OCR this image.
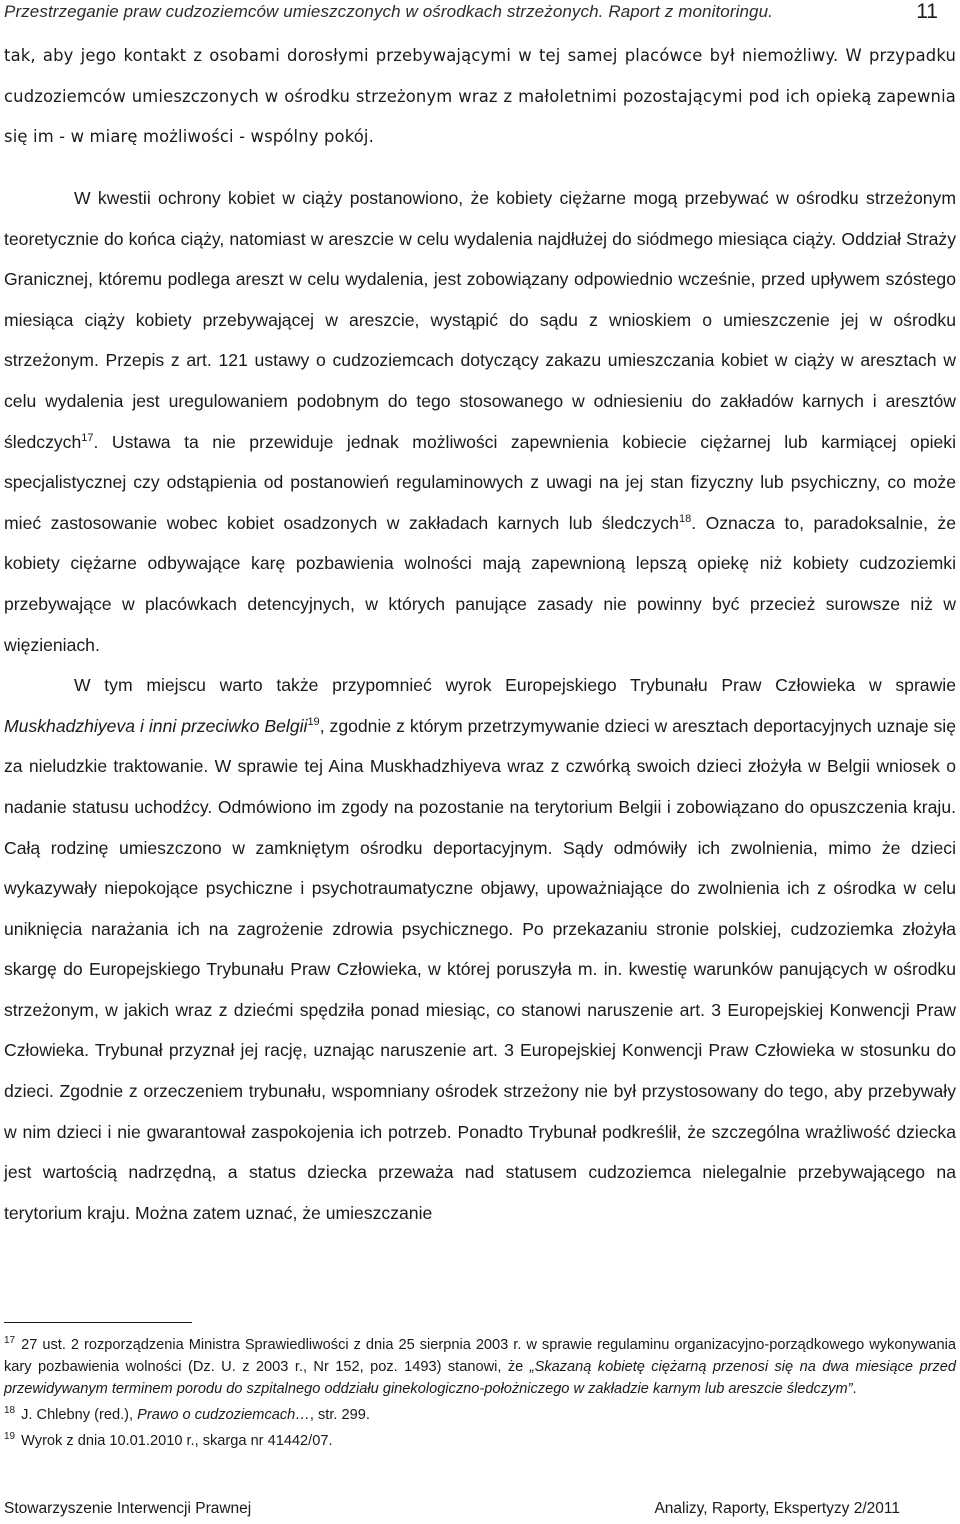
Przestrzeganie praw cudzoziemców umieszczonych w ośrodkach strzeżonych. Raport z monitoringu.	11

tak, aby jego kontakt z osobami dorosłymi przebywającymi w tej samej placówce był niemożliwy. W przypadku cudzoziemców umieszczonych w ośrodku strzeżonym wraz z małoletnimi pozostającymi pod ich opieką zapewnia się im - w miarę możliwości - wspólny pokój.

W kwestii ochrony kobiet w ciąży postanowiono, że kobiety ciężarne mogą przebywać w ośrodku strzeżonym teoretycznie do końca ciąży, natomiast w areszcie w celu wydalenia najdłużej do siódmego miesiąca ciąży. Oddział Straży Granicznej, któremu podlega areszt w celu wydalenia, jest zobowiązany odpowiednio wcześnie, przed upływem szóstego miesiąca ciąży kobiety przebywającej w areszcie, wystąpić do sądu z wnioskiem o umieszczenie jej w ośrodku strzeżonym. Przepis z art. 121 ustawy o cudzoziemcach dotyczący zakazu umieszczania kobiet w ciąży w aresztach w celu wydalenia jest uregulowaniem podobnym do tego stosowanego w odniesieniu do zakładów karnych i aresztów śledczych$^{17}$. Ustawa ta nie przewiduje jednak możliwości zapewnienia kobiecie ciężarnej lub karmiącej opieki specjalistycznej czy odstąpienia od postanowień regulaminowych z uwagi na jej stan fizyczny lub psychiczny, co może mieć zastosowanie wobec kobiet osadzonych w zakładach karnych lub śledczych$^{18}$. Oznacza to, paradoksalnie, że kobiety ciężarne odbywające karę pozbawienia wolności mają zapewnioną lepszą opiekę niż kobiety cudzoziemki przebywające w placówkach detencyjnych, w których panujące zasady nie powinny być przecież surowsze niż w więzieniach.

W tym miejscu warto także przypomnieć wyrok Europejskiego Trybunału Praw Człowieka w sprawie Muskhadzhiyeva i inni przeciwko Belgii$^{19}$, zgodnie z którym przetrzymywanie dzieci w aresztach deportacyjnych uznaje się za nieludzkie traktowanie. W sprawie tej Aina Muskhadzhiyeva wraz z czwórką swoich dzieci złożyła w Belgii wniosek o nadanie statusu uchodźcy. Odmówiono im zgody na pozostanie na terytorium Belgii i zobowiązano do opuszczenia kraju. Całą rodzinę umieszczono w zamkniętym ośrodku deportacyjnym. Sądy odmówiły ich zwolnienia, mimo że dzieci wykazywały niepokojące psychiczne i psychotraumatyczne objawy, upoważniające do zwolnienia ich z ośrodka w celu uniknięcia narażania ich na zagrożenie zdrowia psychicznego. Po przekazaniu stronie polskiej, cudzoziemka złożyła skargę do Europejskiego Trybunału Praw Człowieka, w której poruszyła m. in. kwestię warunków panujących w ośrodku strzeżonym, w jakich wraz z dziećmi spędziła ponad miesiąc, co stanowi naruszenie art. 3 Europejskiej Konwencji Praw Człowieka. Trybunał przyznał jej rację, uznając naruszenie art. 3 Europejskiej Konwencji Praw Człowieka w stosunku do dzieci. Zgodnie z orzeczeniem trybunału, wspomniany ośrodek strzeżony nie był przystosowany do tego, aby przebywały w nim dzieci i nie gwarantował zaspokojenia ich potrzeb. Ponadto Trybunał podkreślił, że szczególna wrażliwość dziecka jest wartością nadrzędną, a status dziecka przeważa nad statusem cudzoziemca nielegalnie przebywającego na terytorium kraju. Można zatem uznać, że umieszczanie

$^{17}$ 27 ust. 2 rozporządzenia Ministra Sprawiedliwości z dnia 25 sierpnia 2003 r. w sprawie regulaminu organizacyjno-porządkowego wykonywania kary pozbawienia wolności (Dz. U. z 2003 r., Nr 152, poz. 1493) stanowi, że „Skazaną kobietę ciężarną przenosi się na dwa miesiące przed przewidywanym terminem porodu do szpitalnego oddziału ginekologiczno-położniczego w zakładzie karnym lub areszcie śledczym”.

$^{18}$ J. Chlebny (red.), Prawo o cudzoziemcach…, str. 299.

$^{19}$ Wyrok z dnia 10.01.2010 r., skarga nr 41442/07.

Stowarzyszenie Interwencji Prawnej	Analizy, Raporty, Ekspertyzy 2/2011
